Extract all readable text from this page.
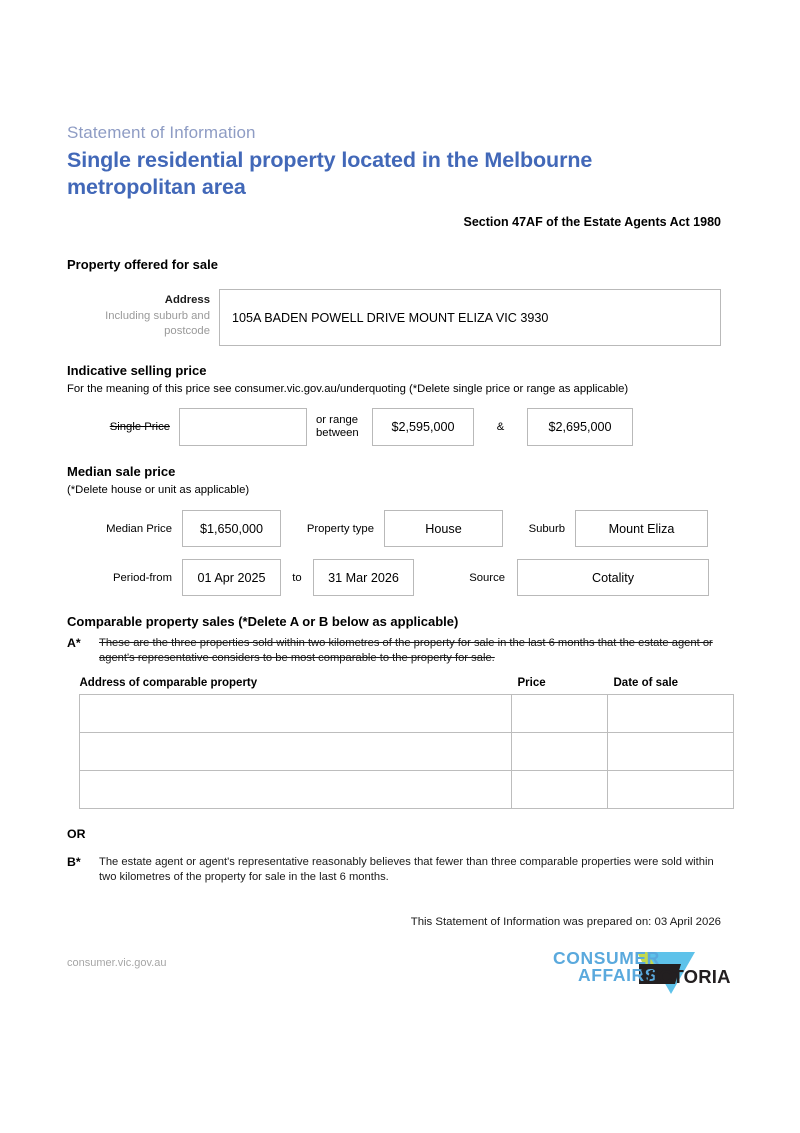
Statement of Information

Single residential property located in the Melbourne metropolitan area
Section 47AF of the Estate Agents Act 1980

Property offered for sale

Address
Including suburb and postcode
105A BADEN POWELL DRIVE MOUNT ELIZA VIC 3930

Indicative selling price

For the meaning of this price see consumer.vic.gov.au/underquoting (*Delete single price or range as applicable)

Single Price
or range
between	$2,595,000	&	$2,695,000

Median sale price

(*Delete house or unit as applicable)

Median Price	$1,650,000	Property type	House	Suburb	Mount Eliza
Period-from	01 Apr 2025	to	31 Mar 2026	Source	Cotality

Comparable property sales (*Delete A or B below as applicable)

A*	These are the three properties sold within two kilometres of the property for sale in the last 6 months that the estate agent or agent's representative considers to be most comparable to the property for sale.
Address of comparable property	Price	Date of sale

OR
B*	The estate agent or agent's representative reasonably believes that fewer than three comparable properties were sold within two kilometres of the property for sale in the last 6 months.
This Statement of Information was prepared on: 03 April 2026
consumer.vic.gov.au	CONSUMER
AFFAIRS
VICTORIA
